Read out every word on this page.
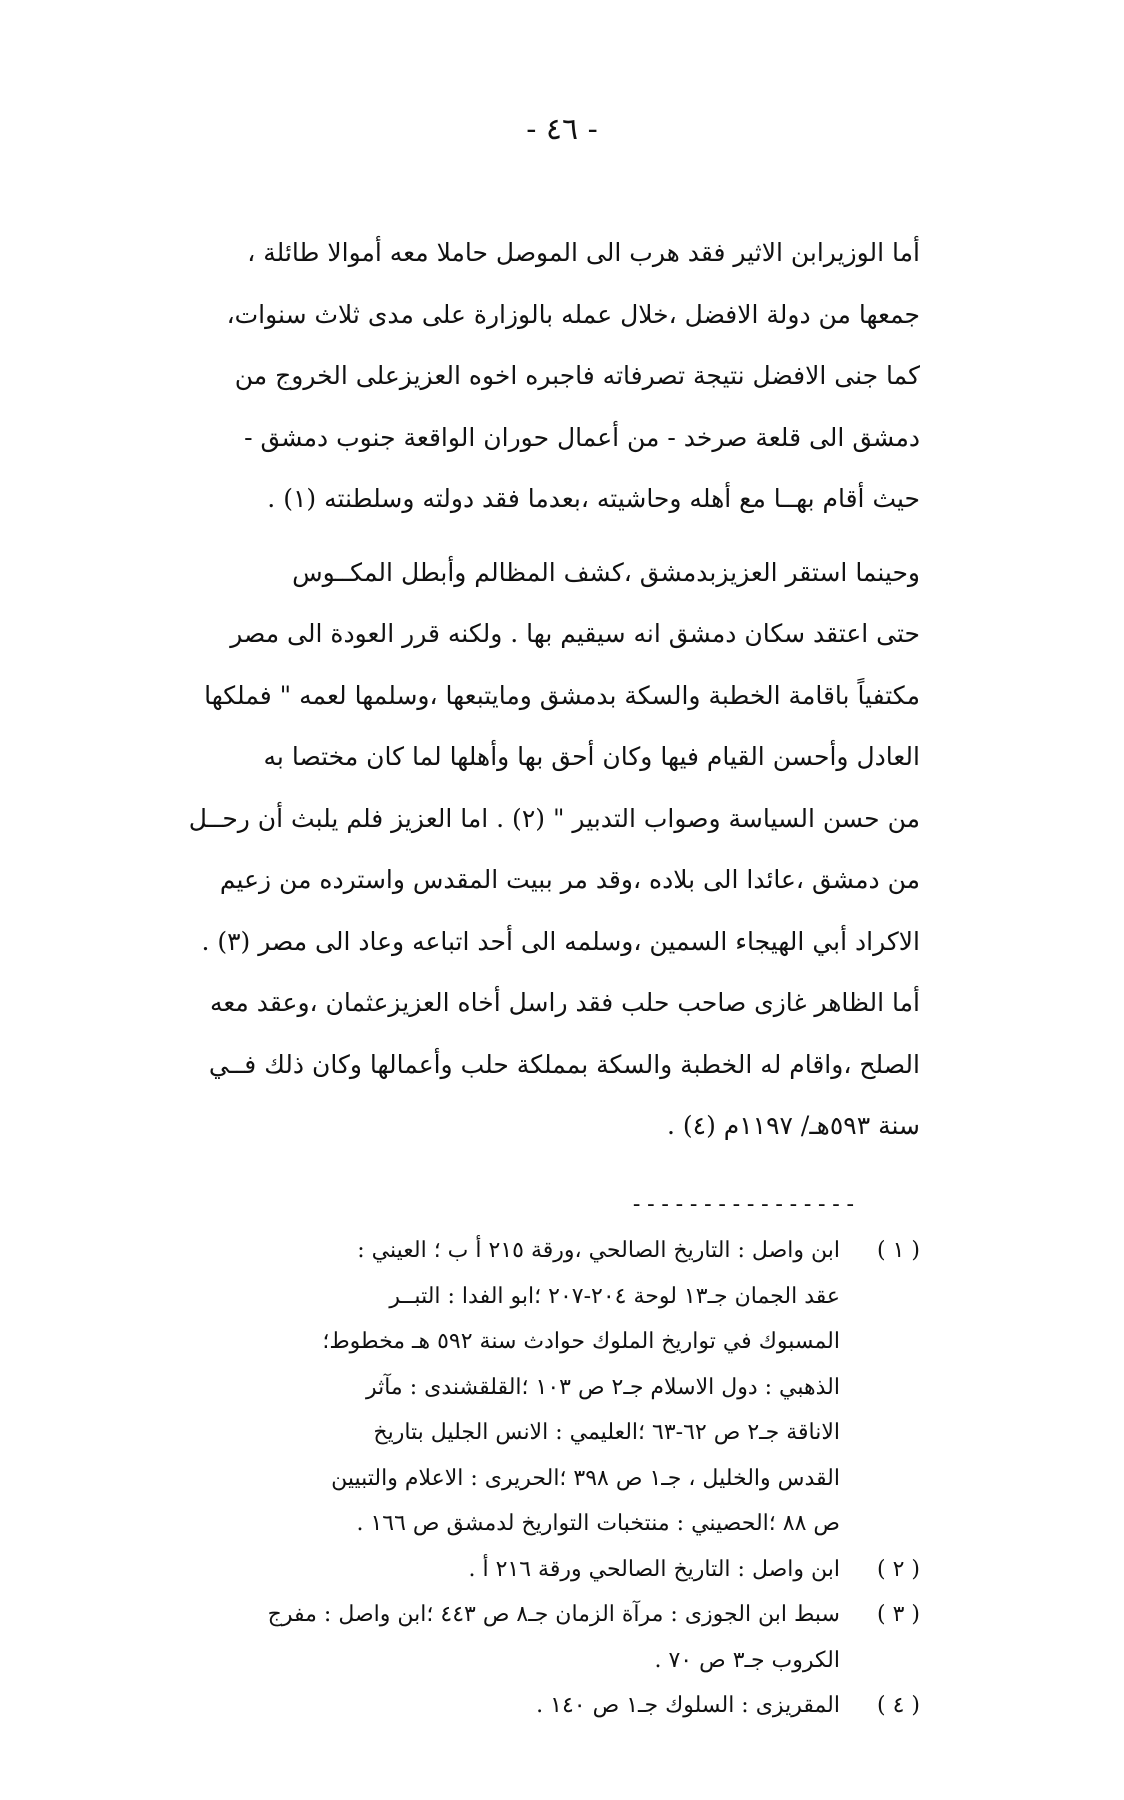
- ٤٦ -
أما الوزيرابن الاثير فقد هرب الى الموصل حاملا معه أموالا طائلة ،
جمعها من دولة الافضل ،خلال عمله بالوزارة على مدى ثلاث سنوات،
كما جنى الافضل نتيجة تصرفاته فاجبره اخوه العزيزعلى الخروج من
دمشق الى قلعة صرخد - من أعمال حوران الواقعة جنوب دمشق -
حيث أقام بهــا مع أهله وحاشيته ،بعدما فقد دولته وسلطنته (١) .
وحينما استقر العزيزبدمشق ،كشف المظالم وأبطل المكــوس
حتى اعتقد سكان دمشق انه سيقيم بها . ولكنه قرر العودة الى مصر
مكتفياً باقامة الخطبة والسكة بدمشق ومايتبعها ،وسلمها لعمه " فملكها
العادل وأحسن القيام فيها وكان أحق بها وأهلها لما كان مختصا به
من حسن السياسة وصواب التدبير " (٢) . اما العزيز فلم يلبث أن رحــل
من دمشق ،عائدا الى بلاده ،وقد مر ببيت المقدس واسترده من زعيم
الاكراد أبي الهيجاء السمين ،وسلمه الى أحد اتباعه وعاد الى مصر (٣) .
أما الظاهر غازى صاحب حلب فقد راسل أخاه العزيزعثمان ،وعقد معه
الصلح ،واقام له الخطبة والسكة بمملكة حلب وأعمالها وكان ذلك فــي
سنة ٥٩٣هـ/ ١١٩٧م (٤) .
----------------
( ١ )
ابن واصل : التاريخ الصالحي ،ورقة ٢١٥ أ ب ؛ العيني :
عقد الجمان جـ١٣ لوحة ٢٠٤-٢٠٧ ؛ابو الفدا : التبــر
المسبوك في تواريخ الملوك حوادث سنة ٥٩٢ هـ مخطوط؛
الذهبي : دول الاسلام جـ٢ ص ١٠٣ ؛القلقشندى : مآثر
الاناقة جـ٢ ص ٦٢-٦٣ ؛العليمي : الانس الجليل بتاريخ
القدس والخليل ، جـ١ ص ٣٩٨ ؛الحريرى : الاعلام والتبيين
ص ٨٨ ؛الحصيني : منتخبات التواريخ لدمشق ص ١٦٦ .
( ٢ )
ابن واصل : التاريخ الصالحي ورقة ٢١٦ أ .
( ٣ )
سبط ابن الجوزى : مرآة الزمان جـ٨ ص ٤٤٣ ؛ابن واصل : مفرج
الكروب جـ٣ ص ٧٠ .
( ٤ )
المقريزى : السلوك جـ١ ص ١٤٠ .
